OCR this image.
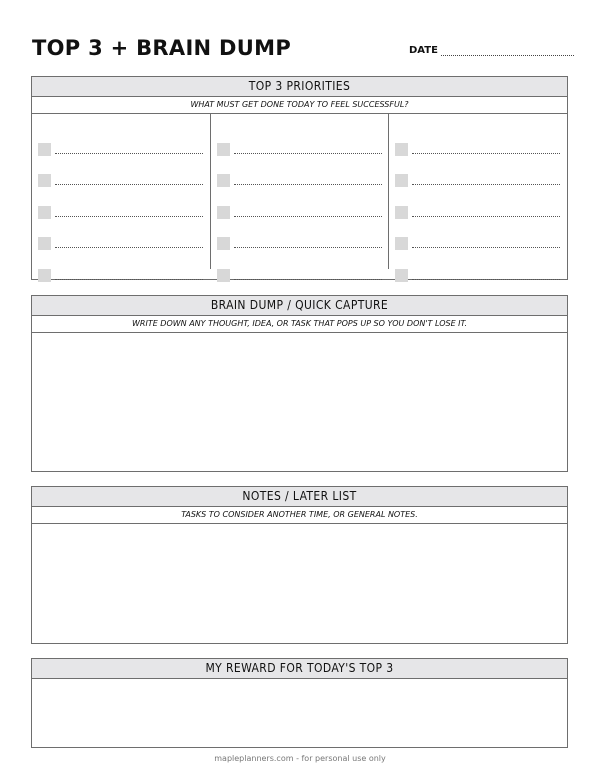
TOP 3 + BRAIN DUMP	DATE
TOP 3 PRIORITIES
WHAT MUST GET DONE TODAY TO FEEL SUCCESSFUL?
BRAIN DUMP / QUICK CAPTURE
WRITE DOWN ANY THOUGHT, IDEA, OR TASK THAT POPS UP SO YOU DON'T LOSE IT.
NOTES / LATER LIST
TASKS TO CONSIDER ANOTHER TIME, OR GENERAL NOTES.
MY REWARD FOR TODAY'S TOP 3
mapleplanners.com - for personal use only
